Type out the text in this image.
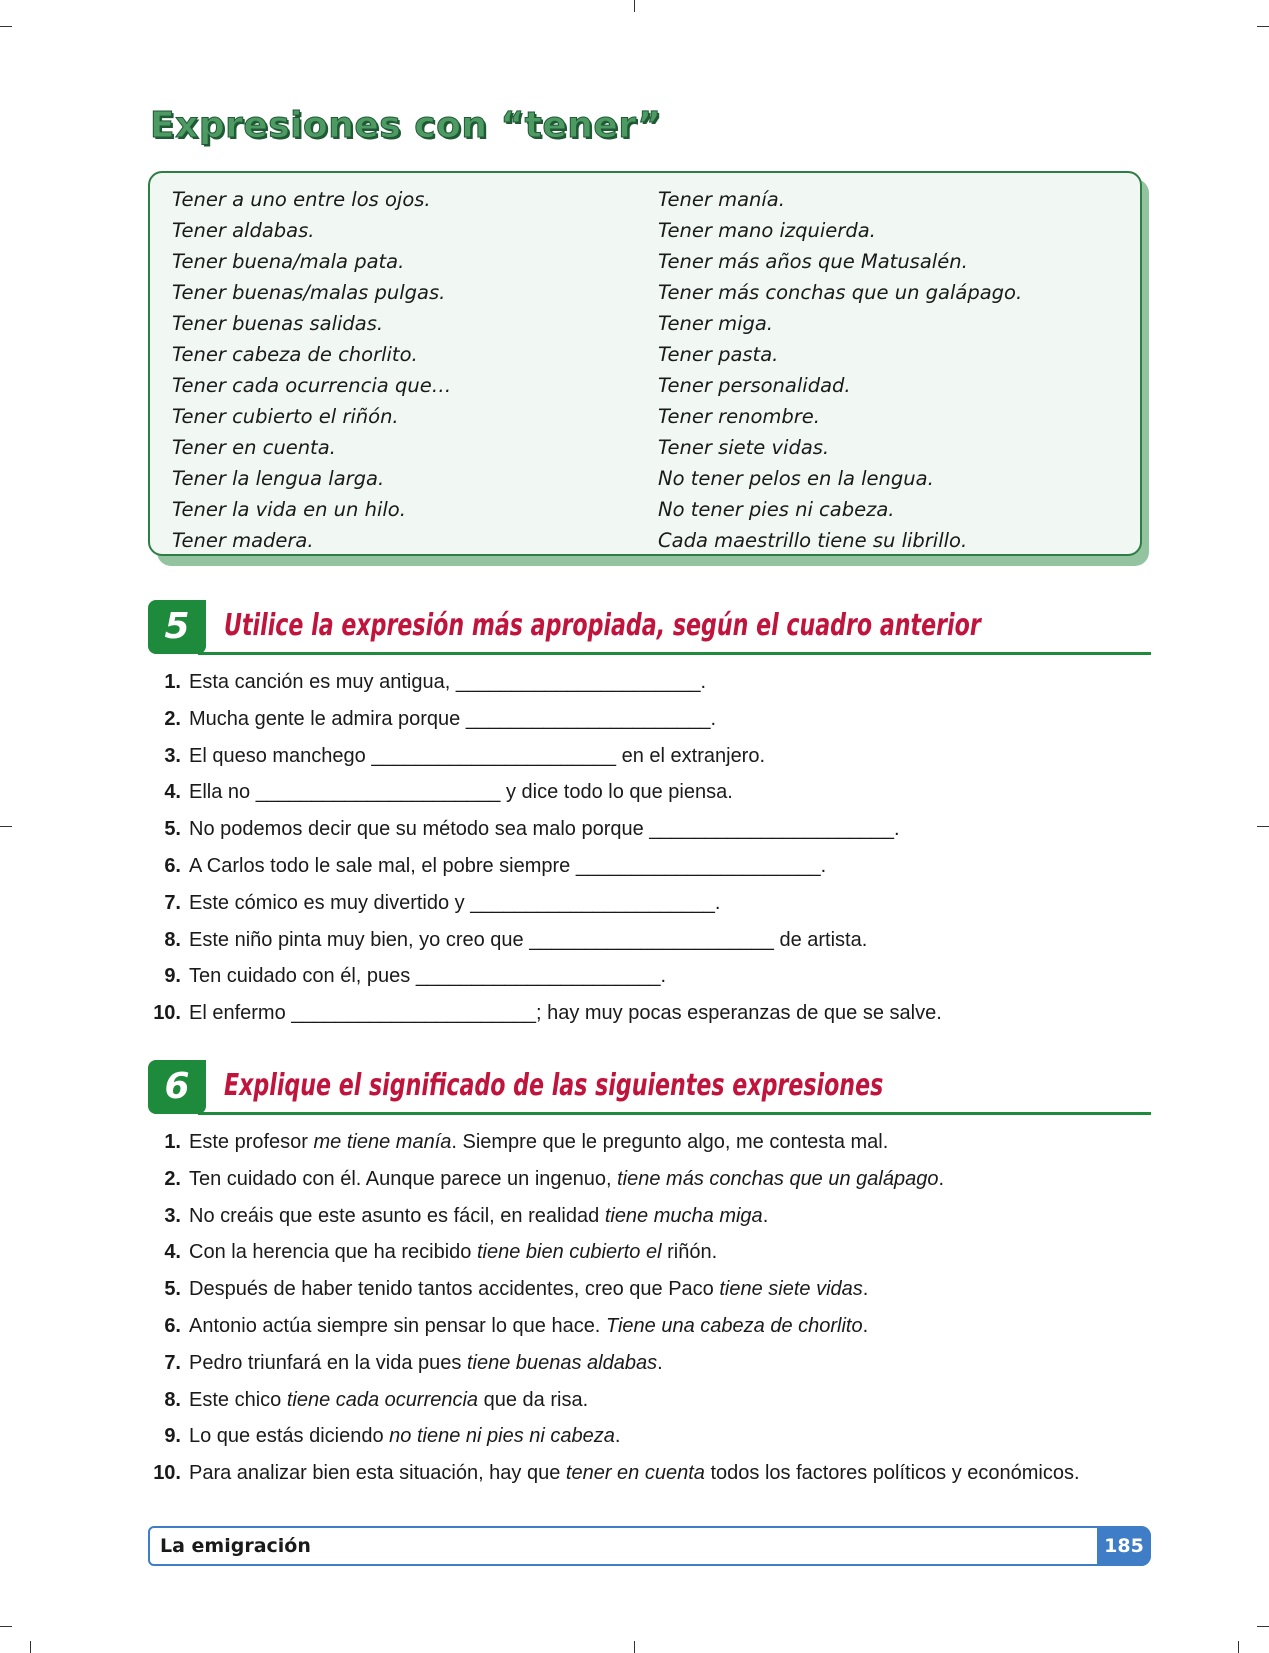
Expresiones con “tener”
Tener a uno entre los ojos.
Tener aldabas.
Tener buena/mala pata.
Tener buenas/malas pulgas.
Tener buenas salidas.
Tener cabeza de chorlito.
Tener cada ocurrencia que…
Tener cubierto el riñón.
Tener en cuenta.
Tener la lengua larga.
Tener la vida en un hilo.
Tener madera.
Tener manía.
Tener mano izquierda.
Tener más años que Matusalén.
Tener más conchas que un galápago.
Tener miga.
Tener pasta.
Tener personalidad.
Tener renombre.
Tener siete vidas.
No tener pelos en la lengua.
No tener pies ni cabeza.
Cada maestrillo tiene su librillo.
5	Utilice la expresión más apropiada, según el cuadro anterior
1. Esta canción es muy antigua, ______________________.
2. Mucha gente le admira porque ______________________.
3. El queso manchego ______________________ en el extranjero.
4. Ella no ______________________ y dice todo lo que piensa.
5. No podemos decir que su método sea malo porque ______________________.
6. A Carlos todo le sale mal, el pobre siempre ______________________.
7. Este cómico es muy divertido y ______________________.
8. Este niño pinta muy bien, yo creo que ______________________ de artista.
9. Ten cuidado con él, pues ______________________.
10. El enfermo ______________________; hay muy pocas esperanzas de que se salve.
6	Explique el significado de las siguientes expresiones
1. Este profesor me tiene manía. Siempre que le pregunto algo, me contesta mal.
2. Ten cuidado con él. Aunque parece un ingenuo, tiene más conchas que un galápago.
3. No creáis que este asunto es fácil, en realidad tiene mucha miga.
4. Con la herencia que ha recibido tiene bien cubierto el riñón.
5. Después de haber tenido tantos accidentes, creo que Paco tiene siete vidas.
6. Antonio actúa siempre sin pensar lo que hace. Tiene una cabeza de chorlito.
7. Pedro triunfará en la vida pues tiene buenas aldabas.
8. Este chico tiene cada ocurrencia que da risa.
9. Lo que estás diciendo no tiene ni pies ni cabeza.
10. Para analizar bien esta situación, hay que tener en cuenta todos los factores políticos y económicos.
La emigración	185
